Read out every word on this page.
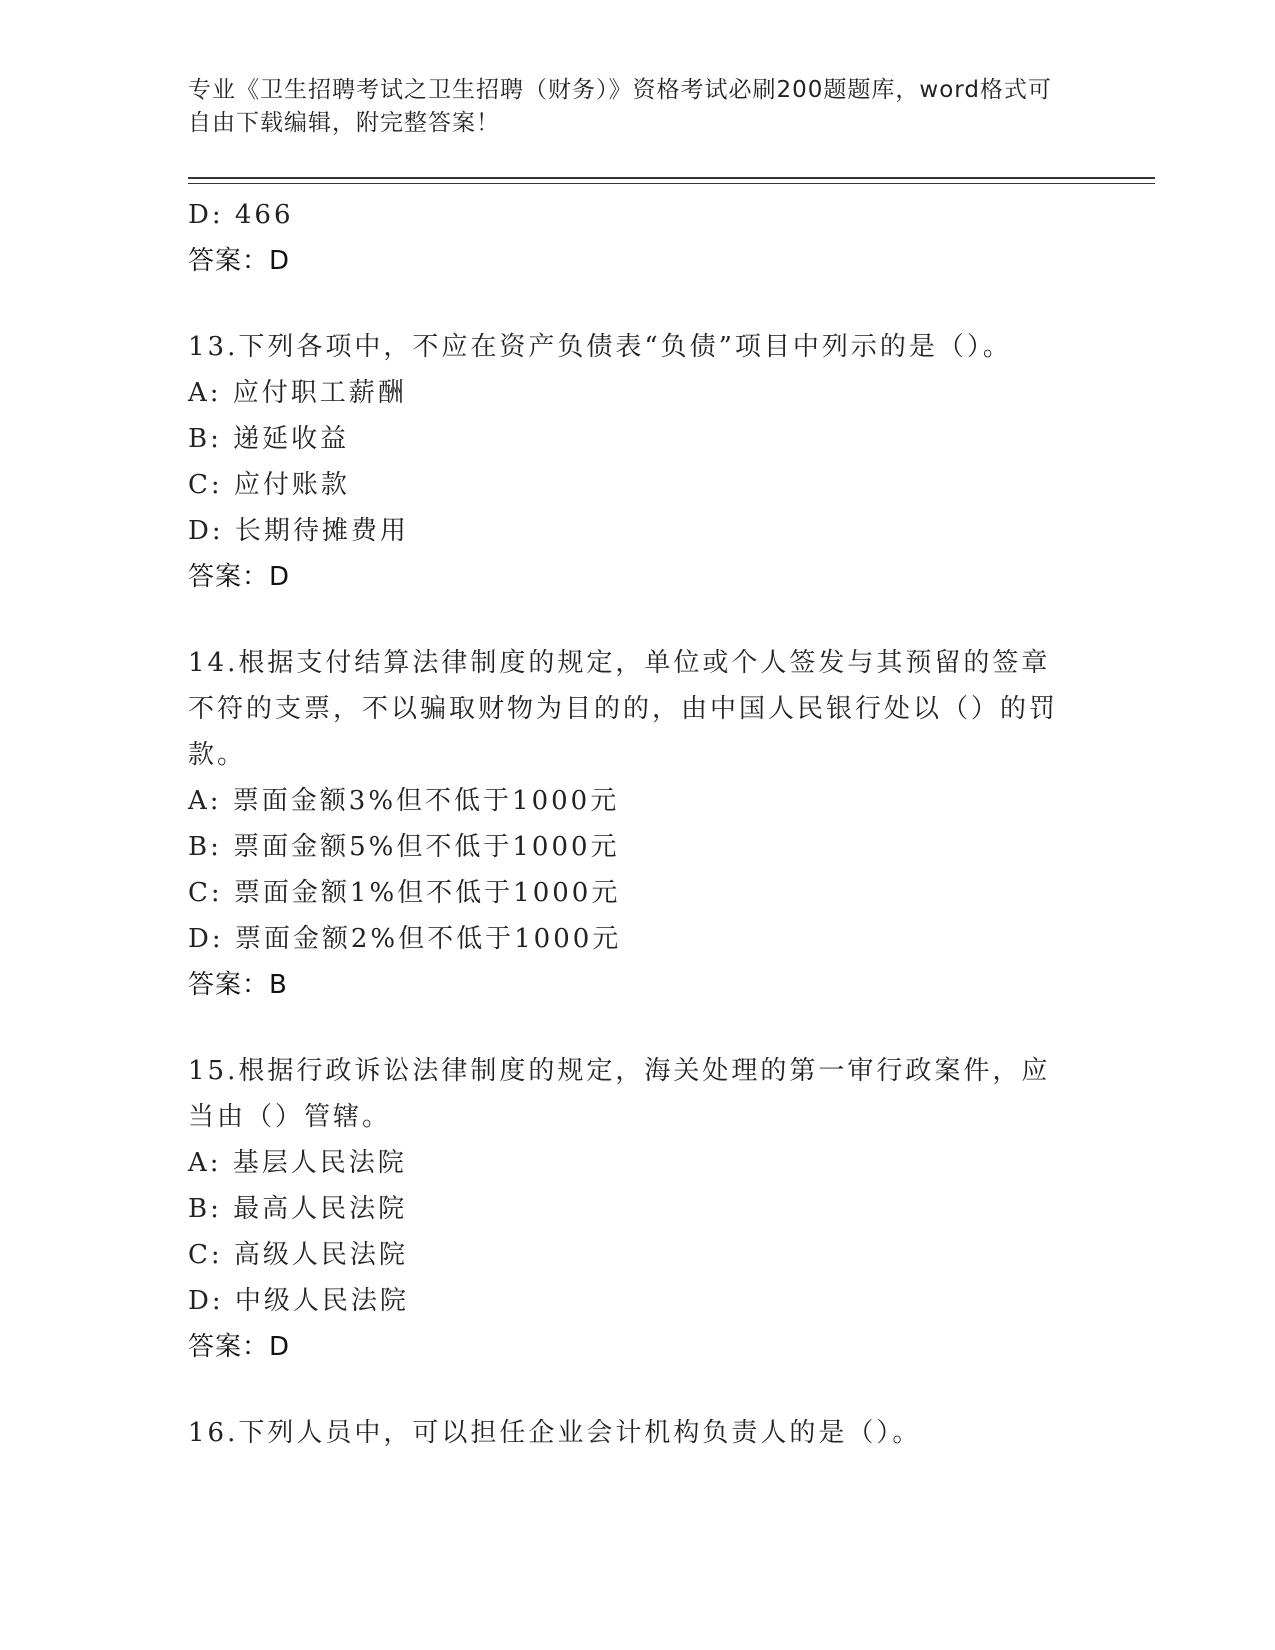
专业《卫生招聘考试之卫生招聘（财务）》资格考试必刷200题题库，word格式可自由下载编辑，附完整答案！
D: 466
答案：D
13.下列各项中，不应在资产负债表“负债”项目中列示的是（）。
A: 应付职工薪酬
B: 递延收益
C: 应付账款
D: 长期待摊费用
答案：D
14.根据支付结算法律制度的规定，单位或个人签发与其预留的签章不符的支票，不以骗取财物为目的的，由中国人民银行处以（）的罚款。
A: 票面金额3%但不低于1000元
B: 票面金额5%但不低于1000元
C: 票面金额1%但不低于1000元
D: 票面金额2%但不低于1000元
答案：B
15.根据行政诉讼法律制度的规定，海关处理的第一审行政案件，应当由（）管辖。
A: 基层人民法院
B: 最高人民法院
C: 高级人民法院
D: 中级人民法院
答案：D
16.下列人员中，可以担任企业会计机构负责人的是（）。
